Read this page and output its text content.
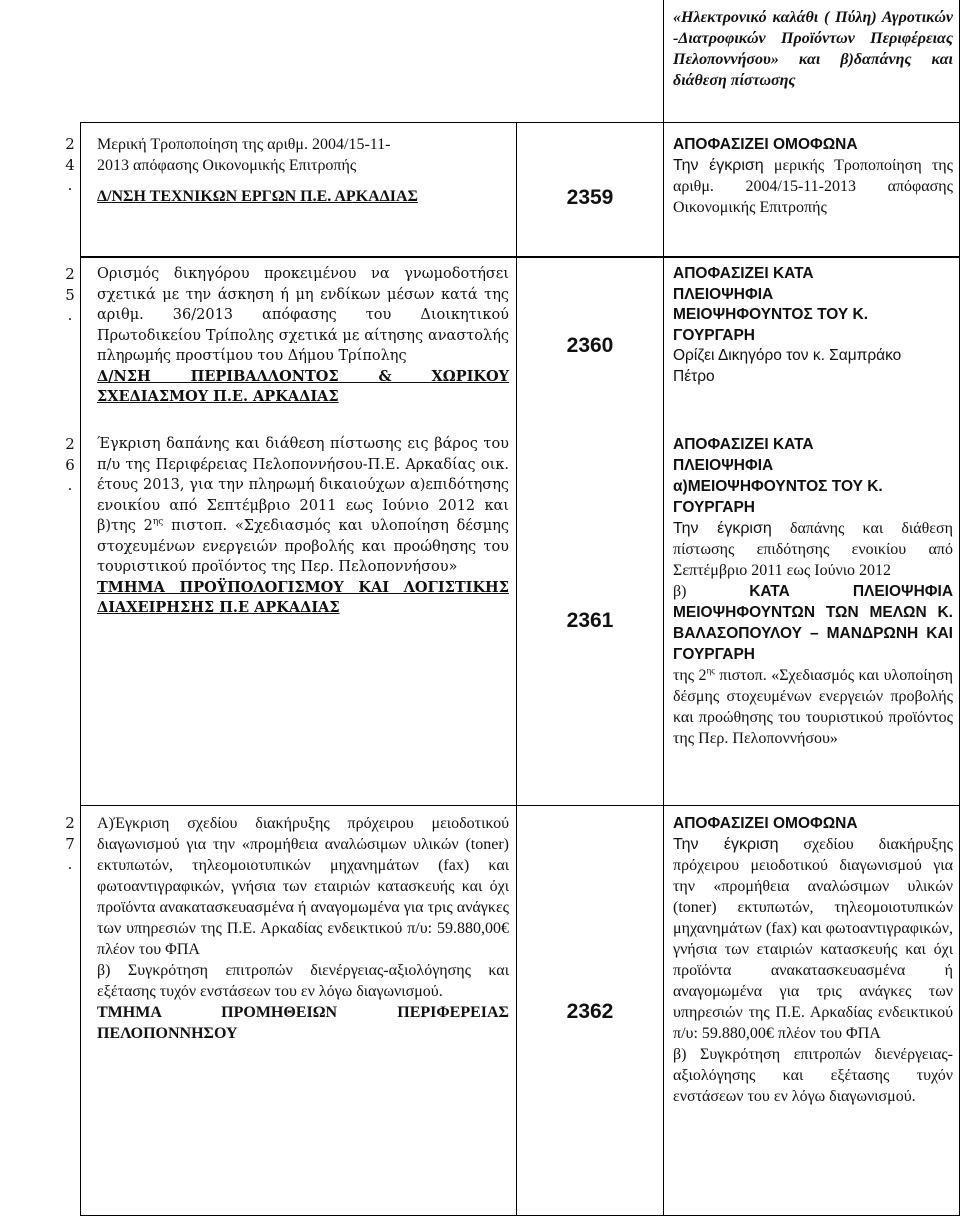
«Ηλεκτρονικό καλάθι ( Πύλη) Αγροτικών -Διατροφικών Προϊόντων Περιφέρειας Πελοποννήσου» και β)δαπάνης και διάθεση πίστωσης

2
4
.

Μερική Τροποποίηση της αριθμ. 2004/15-11-2013 απόφασης Οικονομικής Επιτροπής

Δ/ΝΣΗ ΤΕΧΝΙΚΩΝ ΕΡΓΩΝ Π.Ε. ΑΡΚΑΔΙΑΣ	2359

ΑΠΟΦΑΣΙΖΕΙ ΟΜΟΦΩΝΑ

Την έγκριση μερικής Τροποποίηση της αριθμ. 2004/15-11-2013 απόφασης Οικονομικής Επιτροπής

2
5
.

Ορισμός δικηγόρου προκειμένου να γνωμοδοτήσει σχετικά με την άσκηση ή μη ενδίκων μέσων κατά της αριθμ. 36/2013 απόφασης του Διοικητικού Πρωτοδικείου Τρίπολης σχετικά με αίτησης αναστολής πληρωμής προστίμου του Δήμου Τρίπολης

Δ/ΝΣΗ ΠΕΡΙΒΑΛΛΟΝΤΟΣ & ΧΩΡΙΚΟΥ ΣΧΕΔΙΑΣΜΟΥ Π.Ε. ΑΡΚΑΔΙΑΣ

2360

ΑΠΟΦΑΣΙΖΕΙ ΚΑΤΑ

ΠΛΕΙΟΨΗΦΙΑ

ΜΕΙΟΨΗΦΟΥΝΤΟΣ ΤΟΥ Κ.

ΓΟΥΡΓΑΡΗ

Ορίζει Δικηγόρο τον κ. Σαμπράκο

Πέτρο

2
6
.

Έγκριση δαπάνης και διάθεση πίστωσης εις βάρος του π/υ της Περιφέρειας Πελοποννήσου-Π.Ε. Αρκαδίας οικ. έτους 2013, για την πληρωμή δικαιούχων α)επιδότησης ενοικίου από Σεπτέμβριο 2011 εως Ιούνιο 2012 και β)της $2^{\eta\varsigma}$ πιστοπ. «Σχεδιασμός και υλοποίηση δέσμης στοχευμένων ενεργειών προβολής και προώθησης του τουριστικού προϊόντος της Περ. Πελοποννήσου»

ΤΜΗΜΑ ΠΡΟΫΠΟΛΟΓΙΣΜΟΥ ΚΑΙ ΛΟΓΙΣΤΙΚΗΣ ΔΙΑΧΕΙΡΗΣΗΣ Π.Ε ΑΡΚΑΔΙΑΣ

2361

ΑΠΟΦΑΣΙΖΕΙ ΚΑΤΑ

ΠΛΕΙΟΨΗΦΙΑ

α)ΜΕΙΟΨΗΦΟΥΝΤΟΣ ΤΟΥ Κ.

ΓΟΥΡΓΑΡΗ

Την έγκριση δαπάνης και διάθεση πίστωσης επιδότησης ενοικίου από Σεπτέμβριο 2011 εως Ιούνιο 2012

β) ΚΑΤΑ ΠΛΕΙΟΨΗΦΙΑ ΜΕΙΟΨΗΦΟΥΝΤΩΝ ΤΩΝ ΜΕΛΩΝ Κ. ΒΑΛΑΣΟΠΟΥΛΟΥ – ΜΑΝΔΡΩΝΗ ΚΑΙ ΓΟΥΡΓΑΡΗ

της $2^{\eta\varsigma}$ πιστοπ. «Σχεδιασμός και υλοποίηση δέσμης στοχευμένων ενεργειών προβολής και προώθησης του τουριστικού προϊόντος της Περ. Πελοποννήσου»

2
7
.

Α)Έγκριση σχεδίου διακήρυξης πρόχειρου μειοδοτικού διαγωνισμού για την «προμήθεια αναλώσιμων υλικών (toner) εκτυπωτών, τηλεομοιοτυπικών μηχανημάτων (fax) και φωτοαντιγραφικών, γνήσια των εταιριών κατασκευής και όχι προϊόντα ανακατασκευασμένα ή αναγομωμένα για τρις ανάγκες των υπηρεσιών της Π.Ε. Αρκαδίας ενδεικτικού π/υ: 59.880,00€ πλέον του ΦΠΑ

β) Συγκρότηση επιτροπών διενέργειας-αξιολόγησης και εξέτασης τυχόν ενστάσεων του εν λόγω διαγωνισμού.

ΤΜΗΜΑ ΠΡΟΜΗΘΕΙΩΝ ΠΕΡΙΦΕΡΕΙΑΣ ΠΕΛΟΠΟΝΝΗΣΟΥ

2362

ΑΠΟΦΑΣΙΖΕΙ ΟΜΟΦΩΝΑ

Την έγκριση σχεδίου διακήρυξης πρόχειρου μειοδοτικού διαγωνισμού για την «προμήθεια αναλώσιμων υλικών (toner) εκτυπωτών, τηλεομοιοτυπικών μηχανημάτων (fax) και φωτοαντιγραφικών, γνήσια των εταιριών κατασκευής και όχι προϊόντα ανακατασκευασμένα ή αναγομωμένα για τρις ανάγκες των υπηρεσιών της Π.Ε. Αρκαδίας ενδεικτικού π/υ: 59.880,00€ πλέον του ΦΠΑ

β) Συγκρότηση επιτροπών διενέργειας-αξιολόγησης και εξέτασης τυχόν ενστάσεων του εν λόγω διαγωνισμού.
